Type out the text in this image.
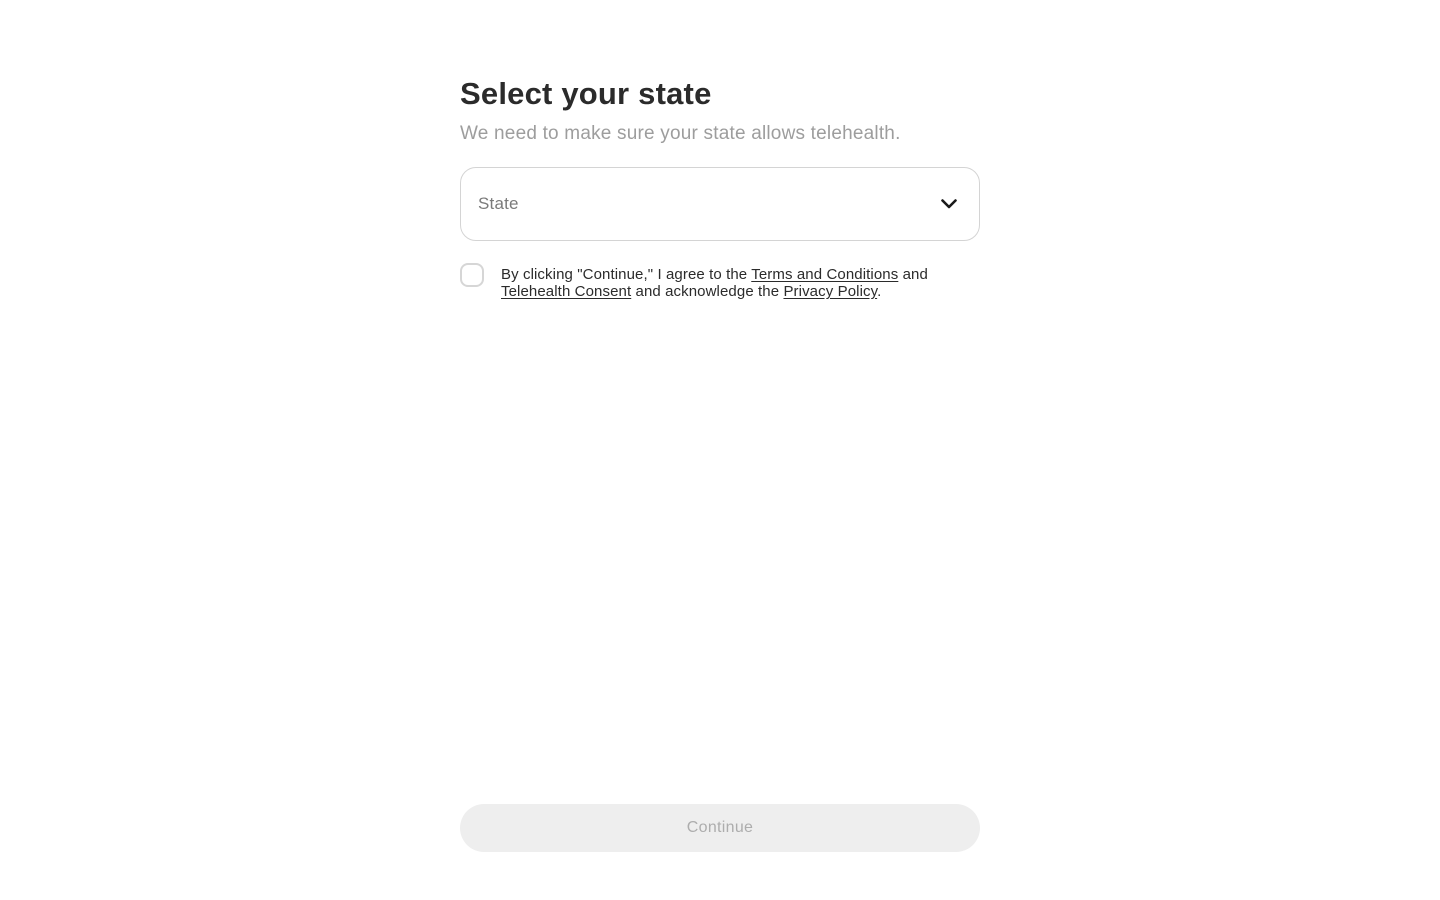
Select your state
We need to make sure your state allows telehealth.
State
By clicking "Continue," I agree to the Terms and Conditions and Telehealth Consent and acknowledge the Privacy Policy.
Continue
